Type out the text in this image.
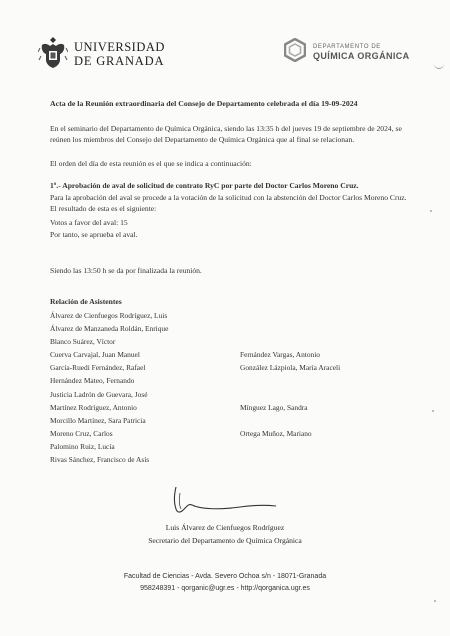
UNIVERSIDAD
DE GRANADA
DEPARTAMENTO DE
QUÍMICA ORGÁNICA
Acta de la Reunión extraordinaria del Consejo de Departamento celebrada el día 19-09-2024
En el seminario del Departamento de Química Orgánica, siendo las 13:35 h del jueves 19 de septiembre de 2024, se reúnen los miembros del Consejo del Departamento de Química Orgánica que al final se relacionan.
El orden del día de esta reunión es el que se indica a continuación:
1º.- Aprobación de aval de solicitud de contrato RyC por parte del Doctor Carlos Moreno Cruz.
Para la aprobación del aval se procede a la votación de la solicitud con la abstención del Doctor Carlos Moreno Cruz. El resultado de esta es el siguiente:
Votos a favor del aval: 15
Por tanto, se aprueba el aval.
Siendo las 13:50 h se da por finalizada la reunión.
Relación de Asistentes
Álvarez de Cienfuegos Rodríguez, Luis
Álvarez de Manzaneda Roldán, Enrique
Blanco Suárez, Víctor
Cuerva Carvajal, Juan Manuel
García-Ruedi Fernández, Rafael
Hernández Mateo, Fernando
Justicia Ladrón de Guevara, José
Martínez Rodríguez, Antonio
Morcillo Martínez, Sara Patricia
Moreno Cruz, Carlos
Palomino Ruiz, Lucía
Rivas Sánchez, Francisco de Asís
Fernández Vargas, Antonio
González Lázpiola, María Araceli
Mínguez Lago, Sandra
Ortega Muñoz, Mariano
Luis Álvarez de Cienfuegos Rodríguez
Secretario del Departamento de Química Orgánica
Facultad de Ciencias - Avda. Severo Ochoa s/n - 18071-Granada
958248391 - qorganic@ugr.es - http://qorganica.ugr.es
